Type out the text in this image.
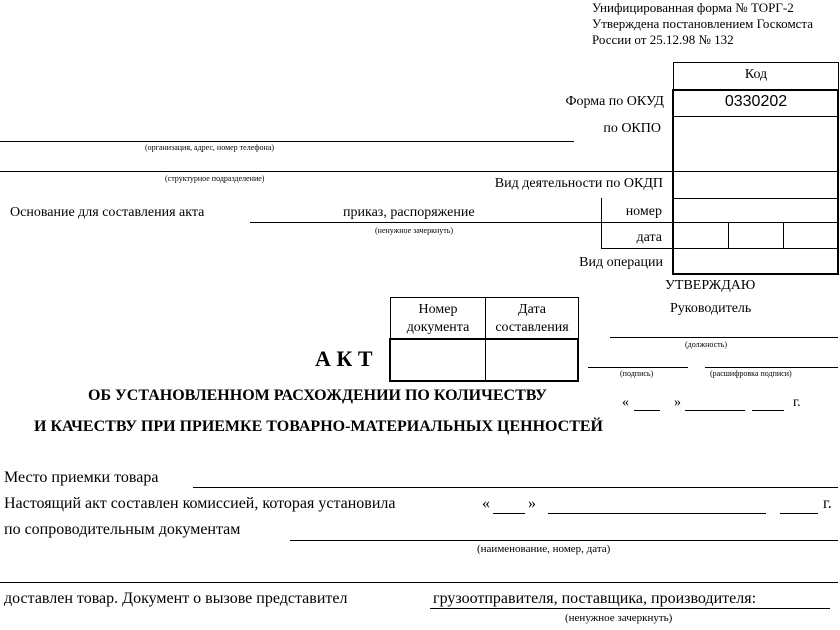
Унифицированная форма № ТОРГ-2
Утверждена постановлением Госкомста
России от 25.12.98 № 132
Код
Форма по ОКУД	0330202
по ОКПО
Вид деятельности по ОКДП
номер
дата
Вид операции
(организация, адрес, номер телефона)
(структурное подразделение)
Основание для составления акта	приказ, распоряжение
(ненужное зачеркнуть)
Номер документа
Дата составления
УТВЕРЖДАЮ
Руководитель
(должность)
(подпись)	(расшифровка подписи)
«	»	г.
А К Т
ОБ УСТАНОВЛЕННОМ РАСХОЖДЕНИИ ПО КОЛИЧЕСТВУ
И КАЧЕСТВУ ПРИ ПРИЕМКЕ ТОВАРНО-МАТЕРИАЛЬНЫХ ЦЕННОСТЕЙ
Место приемки товара
Настоящий акт составлен комиссией, которая установила	« »	г.
по сопроводительным документам
(наименование, номер, дата)
доставлен товар. Документ о вызове представител	грузоотправителя, поставщика, производителя:
(ненужное зачеркнуть)
